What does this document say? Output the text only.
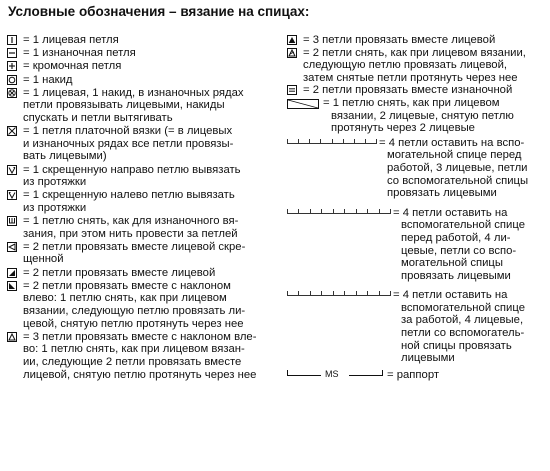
Условные обозначения – вязание на спицах:
= 1 лицевая петля
= 1 изнаночная петля
= кромочная петля
= 1 накид
= 1 лицевая, 1 накид, в изнаночных рядах
петли провязывать лицевыми, накиды
спускать и петли вытягивать
= 1 петля платочной вязки (= в лицевых
и изнаночных рядах все петли провязы-
вать лицевыми)
= 1 скрещенную направо петлю вывязать
из протяжки
= 1 скрещенную налево петлю вывязать
из протяжки
= 1 петлю снять, как для изнаночного вя-
зания, при этом нить провести за петлей
= 2 петли провязать вместе лицевой скре-
щенной
= 2 петли провязать вместе лицевой
= 2 петли провязать вместе с наклоном
влево: 1 петлю снять, как при лицевом
вязании, следующую петлю провязать ли-
цевой, снятую петлю протянуть через нее
= 3 петли провязать вместе с наклоном вле-
во: 1 петлю снять, как при лицевом вязан-
ии, следующие 2 петли провязать вместе
лицевой, снятую петлю протянуть через нее
= 3 петли провязать вместе лицевой
= 2 петли снять, как при лицевом вязании,
следующую петлю провязать лицевой,
затем снятые петли протянуть через нее
= 2 петли провязать вместе изнаночной
= 1 петлю снять, как при лицевом
вязании, 2 лицевые, снятую петлю
протянуть через 2 лицевые
= 4 петли оставить на вспо-
могательной спице перед
работой, 3 лицевые, петли
со вспомогательной спицы
провязать лицевыми
= 4 петли оставить на
вспомогательной спице
перед работой, 4 ли-
цевые, петли со вспо-
могательной спицы
провязать лицевыми
= 4 петли оставить на
вспомогательной спице
за работой, 4 лицевые,
петли со вспомогатель-
ной спицы провязать
лицевыми
MS	= раппорт
